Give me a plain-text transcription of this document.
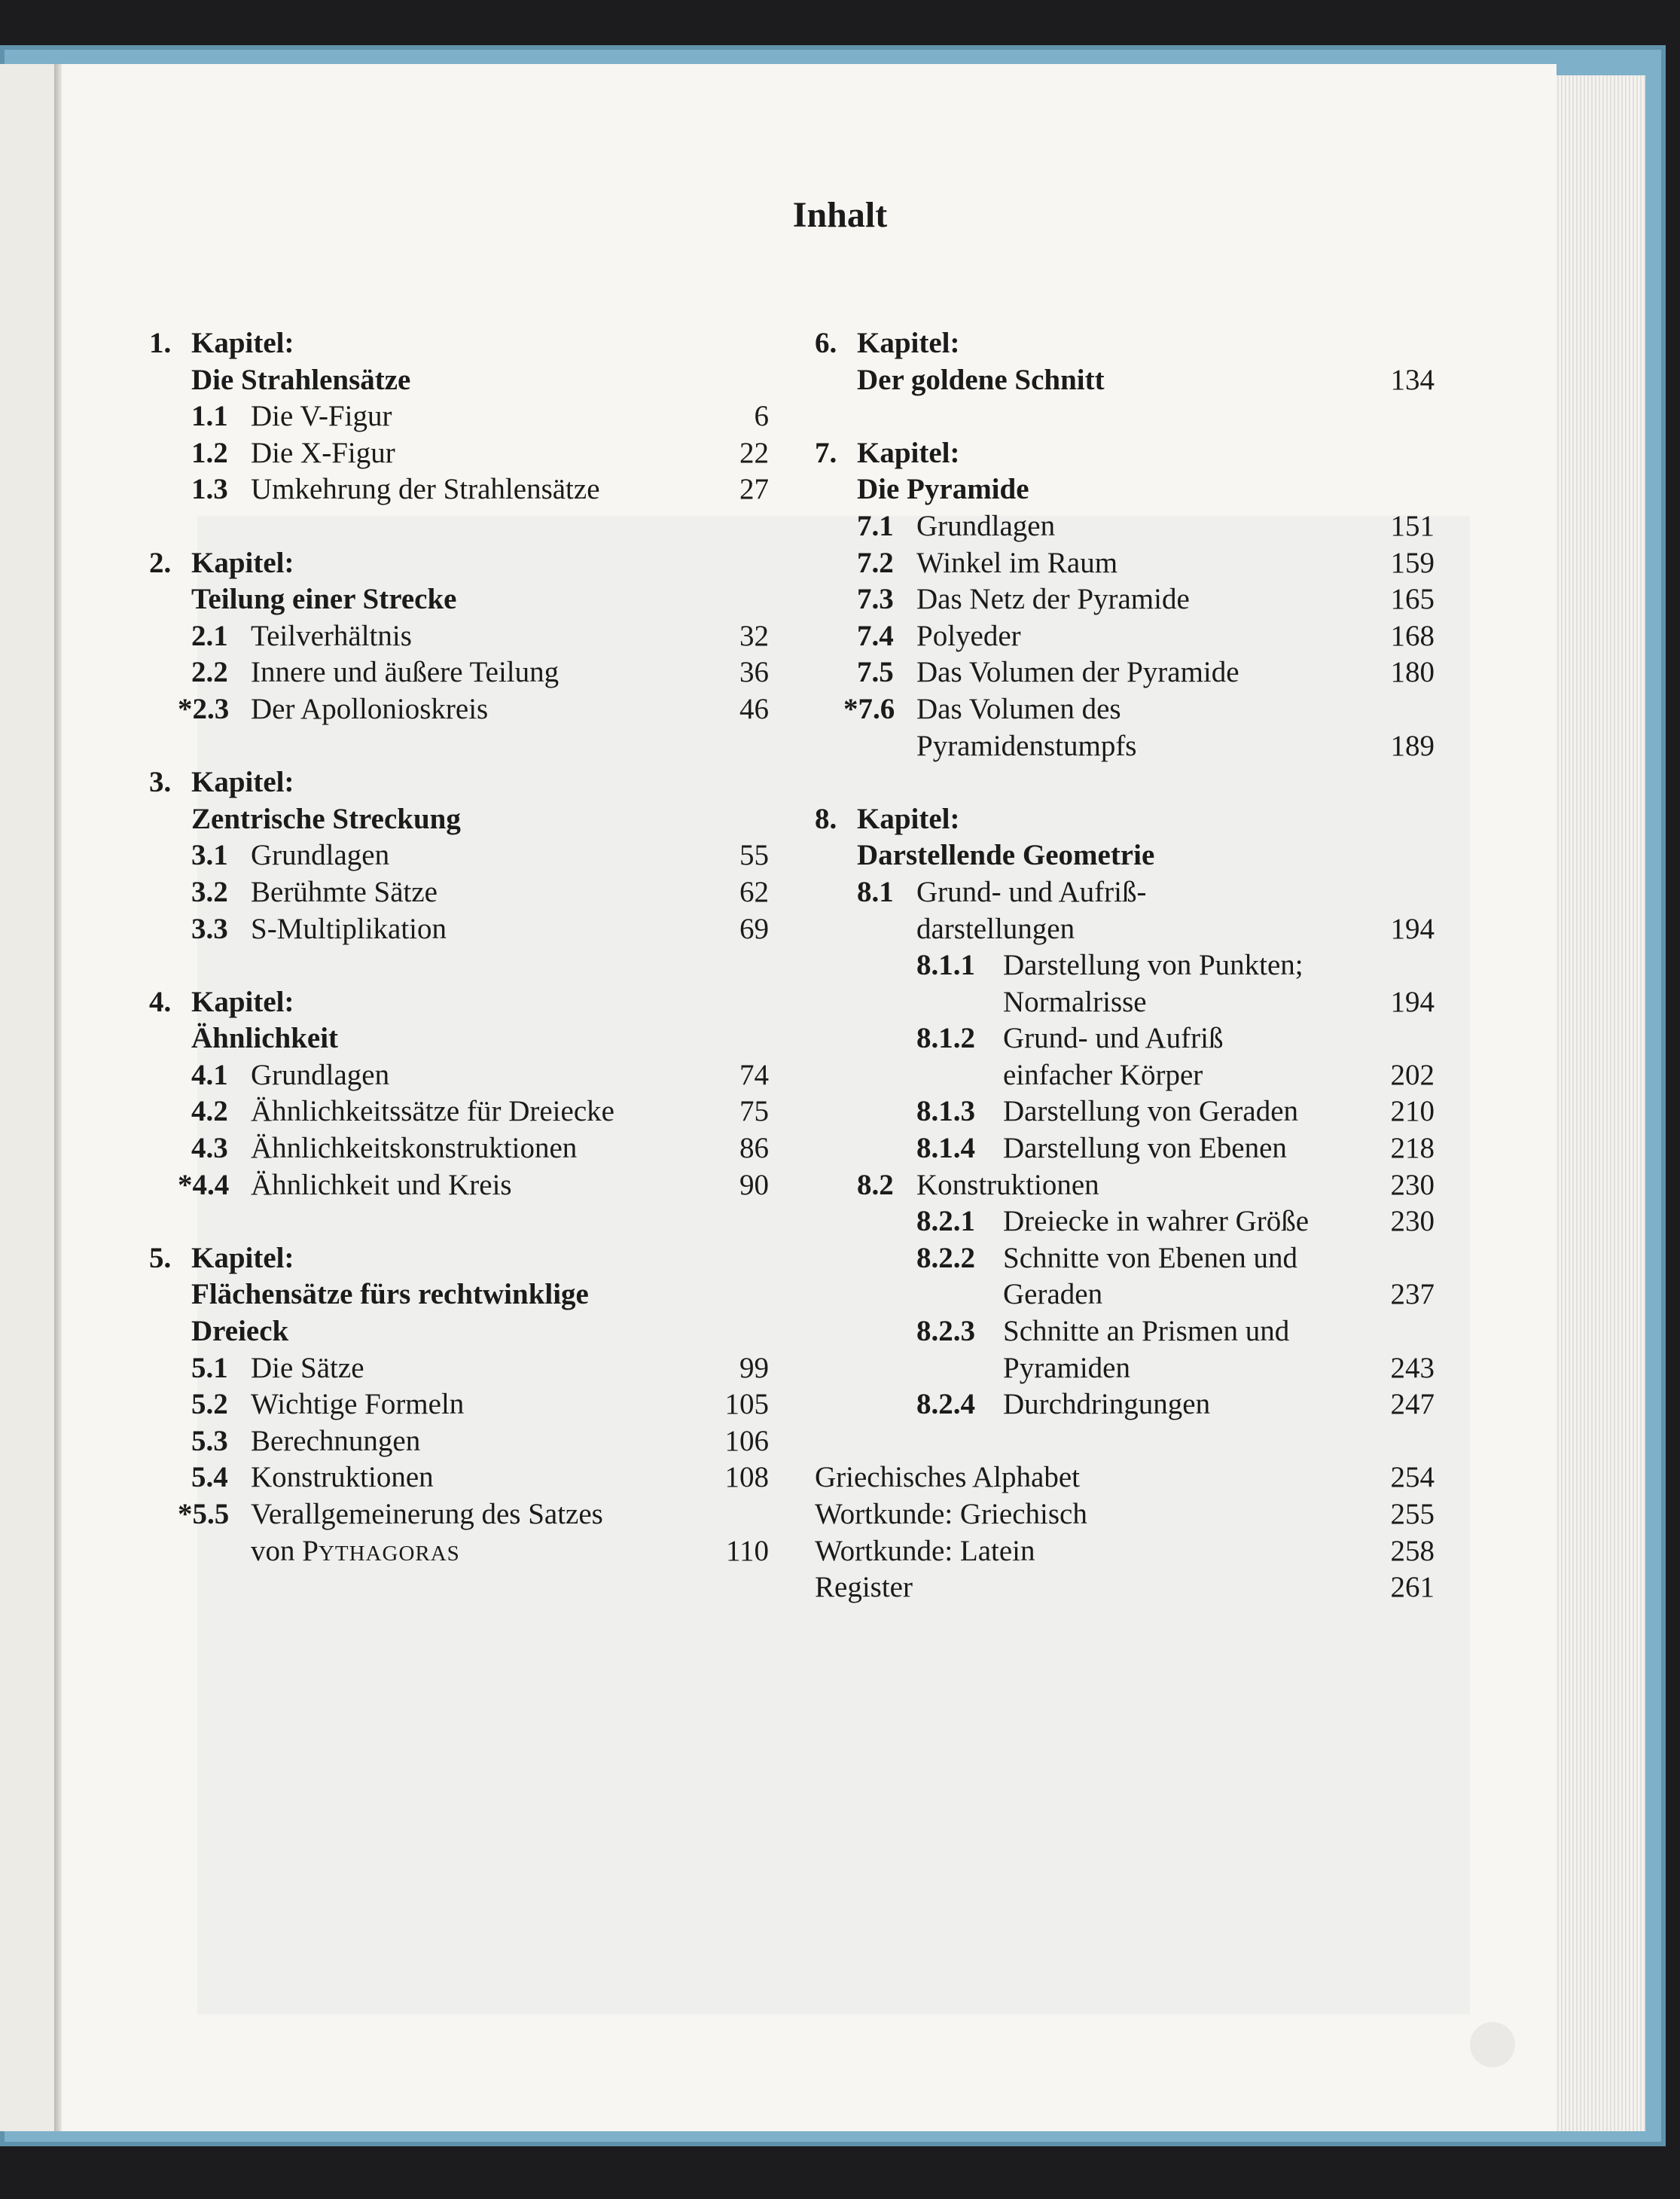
Inhalt
1. Kapitel:
Die Strahlensätze
1.1 Die V-Figur	6
1.2 Die X-Figur	22
1.3 Umkehrung der Strahlensätze	27
2. Kapitel:
Teilung einer Strecke
2.1 Teilverhältnis	32
2.2 Innere und äußere Teilung	36
*2.3 Der Apollonioskreis	46
3. Kapitel:
Zentrische Streckung
3.1 Grundlagen	55
3.2 Berühmte Sätze	62
3.3 S-Multiplikation	69
4. Kapitel:
Ähnlichkeit
4.1 Grundlagen	74
4.2 Ähnlichkeitssätze für Dreiecke	75
4.3 Ähnlichkeitskonstruktionen	86
*4.4 Ähnlichkeit und Kreis	90
5. Kapitel:
Flächensätze fürs rechtwinklige
Dreieck
5.1 Die Sätze	99
5.2 Wichtige Formeln	105
5.3 Berechnungen	106
5.4 Konstruktionen	108
*5.5 Verallgemeinerung des Satzes
von PYTHAGORAS	110
6. Kapitel:
Der goldene Schnitt	134
7. Kapitel:
Die Pyramide
7.1 Grundlagen	151
7.2 Winkel im Raum	159
7.3 Das Netz der Pyramide	165
7.4 Polyeder	168
7.5 Das Volumen der Pyramide	180
*7.6 Das Volumen des
Pyramidenstumpfs	189
8. Kapitel:
Darstellende Geometrie
8.1 Grund- und Aufriß-
darstellungen	194
8.1.1 Darstellung von Punkten;
Normalrisse	194
8.1.2 Grund- und Aufriß
einfacher Körper	202
8.1.3 Darstellung von Geraden	210
8.1.4 Darstellung von Ebenen	218
8.2 Konstruktionen	230
8.2.1 Dreiecke in wahrer Größe	230
8.2.2 Schnitte von Ebenen und
Geraden	237
8.2.3 Schnitte an Prismen und
Pyramiden	243
8.2.4 Durchdringungen	247
Griechisches Alphabet	254
Wortkunde: Griechisch	255
Wortkunde: Latein	258
Register	261
